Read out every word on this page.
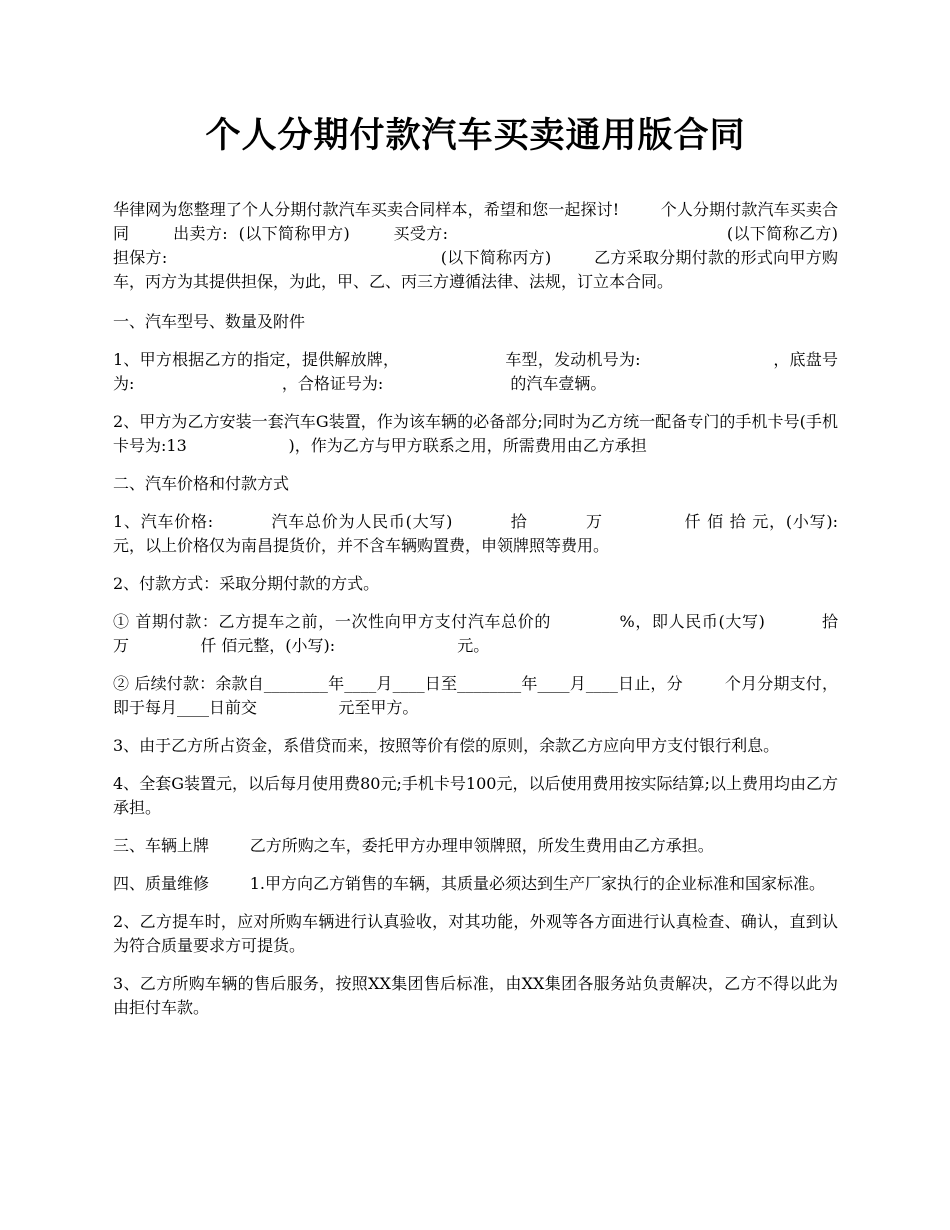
个人分期付款汽车买卖通用版合同

华律网为您整理了个人分期付款汽车买卖合同样本，希望和您一起探讨!        个人分期付款汽车买卖合同        出卖方:  (以下简称甲方)        买受方:                                                   (以下简称乙方)        担保方:                                                   (以下简称丙方)        乙方采取分期付款的形式向甲方购车，丙方为其提供担保，为此，甲、乙、丙三方遵循法律、法规，订立本合同。

一、汽车型号、数量及附件

1、甲方根据乙方的指定，提供解放牌，                    车型，发动机号为:                         ，底盘号为:                             ，合格证号为:                         的汽车壹辆。

2、甲方为乙方安装一套汽车G装置，作为该车辆的必备部分;同时为乙方统一配备专门的手机卡号(手机卡号为:13                    )，作为乙方与甲方联系之用，所需费用由乙方承担

二、汽车价格和付款方式

1、汽车价格:          汽车总价为人民币(大写)          拾          万              仟 佰 拾 元，(小写):          元，以上价格仅为南昌提货价，并不含车辆购置费，申领牌照等费用。

2、付款方式：采取分期付款的方式。

① 首期付款：乙方提车之前，一次性向甲方支付汽车总价的            %，即人民币(大写)          拾          万              仟 佰元整，(小写):                        元。

② 后续付款：余款自________年____月____日至________年____月____日止，分        个月分期支付，即于每月____日前交                元至甲方。

3、由于乙方所占资金，系借贷而来，按照等价有偿的原则，余款乙方应向甲方支付银行利息。

4、全套G装置元，以后每月使用费80元;手机卡号100元，以后使用费用按实际结算;以上费用均由乙方承担。

三、车辆上牌        乙方所购之车，委托甲方办理申领牌照，所发生费用由乙方承担。

四、质量维修        1.甲方向乙方销售的车辆，其质量必须达到生产厂家执行的企业标准和国家标准。

2、乙方提车时，应对所购车辆进行认真验收，对其功能，外观等各方面进行认真检查、确认，直到认为符合质量要求方可提货。

3、乙方所购车辆的售后服务，按照XX集团售后标准，由XX集团各服务站负责解决，乙方不得以此为由拒付车款。
